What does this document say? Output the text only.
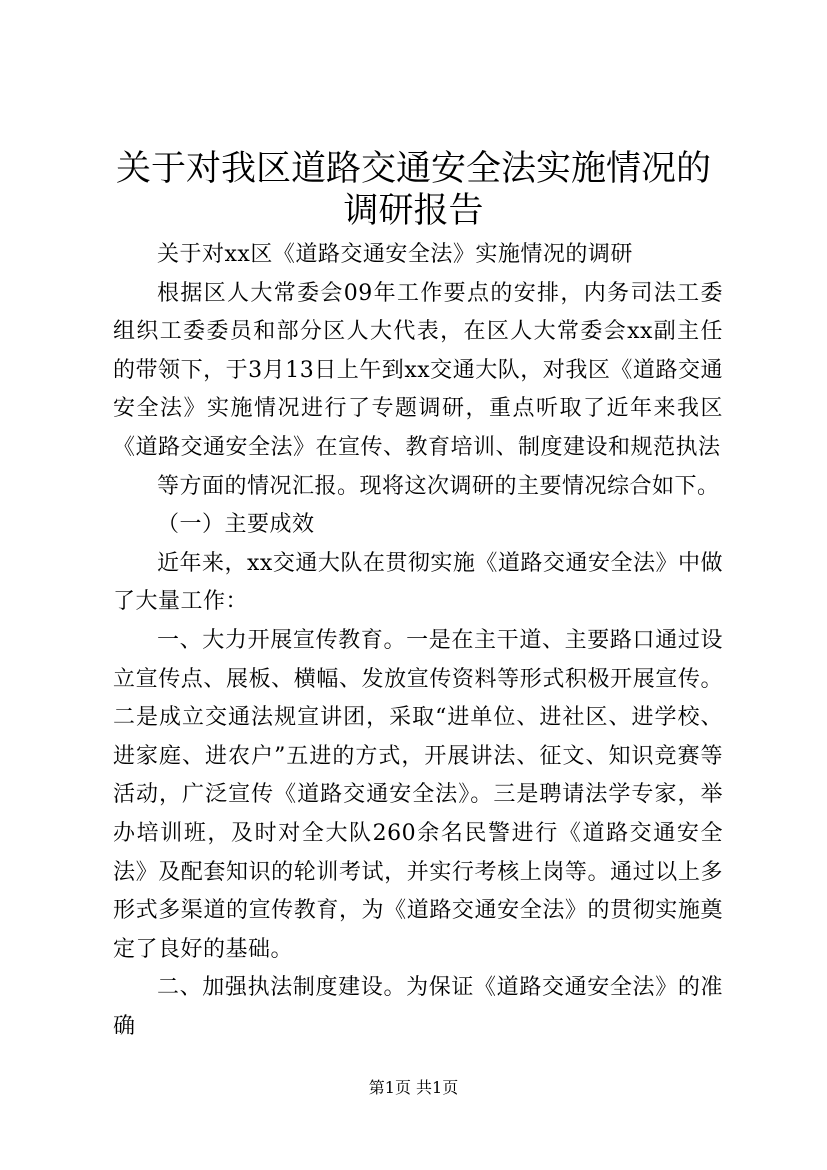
关于对我区道路交通安全法实施情况的调研报告

关于对xx区《道路交通安全法》实施情况的调研

根据区人大常委会09年工作要点的安排，内务司法工委组织工委委员和部分区人大代表，在区人大常委会xx副主任的带领下，于3月13日上午到xx交通大队，对我区《道路交通安全法》实施情况进行了专题调研，重点听取了近年来我区《道路交通安全法》在宣传、教育培训、制度建设和规范执法

等方面的情况汇报。现将这次调研的主要情况综合如下。

（一）主要成效

近年来，xx交通大队在贯彻实施《道路交通安全法》中做了大量工作：

一、大力开展宣传教育。一是在主干道、主要路口通过设立宣传点、展板、横幅、发放宣传资料等形式积极开展宣传。二是成立交通法规宣讲团，采取“进单位、进社区、进学校、进家庭、进农户”五进的方式，开展讲法、征文、知识竞赛等活动，广泛宣传《道路交通安全法》。三是聘请法学专家，举办培训班，及时对全大队260余名民警进行《道路交通安全法》及配套知识的轮训考试，并实行考核上岗等。通过以上多形式多渠道的宣传教育，为《道路交通安全法》的贯彻实施奠定了良好的基础。

二、加强执法制度建设。为保证《道路交通安全法》的准确

第1页 共1页
